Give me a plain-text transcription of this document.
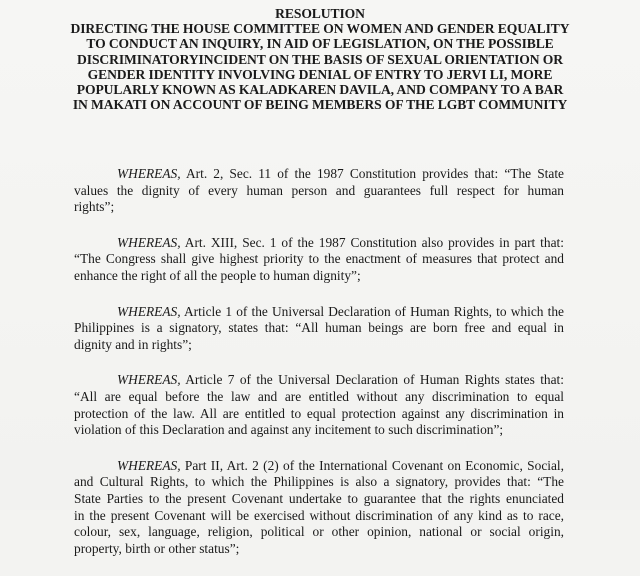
RESOLUTION
DIRECTING THE HOUSE COMMITTEE ON WOMEN AND GENDER EQUALITY
TO CONDUCT AN INQUIRY, IN AID OF LEGISLATION, ON THE POSSIBLE
DISCRIMINATORYINCIDENT ON THE BASIS OF SEXUAL ORIENTATION OR
GENDER IDENTITY INVOLVING DENIAL OF ENTRY TO JERVI LI, MORE
POPULARLY KNOWN AS KALADKAREN DAVILA, AND COMPANY TO A BAR
IN MAKATI ON ACCOUNT OF BEING MEMBERS OF THE LGBT COMMUNITY
WHEREAS, Art. 2, Sec. 11 of the 1987 Constitution provides that: “The State
values the dignity of every human person and guarantees full respect for human
rights”;
WHEREAS, Art. XIII, Sec. 1 of the 1987 Constitution also provides in part that:
“The Congress shall give highest priority to the enactment of measures that protect and
enhance the right of all the people to human dignity”;
WHEREAS, Article 1 of the Universal Declaration of Human Rights, to which the
Philippines is a signatory, states that: “All human beings are born free and equal in
dignity and in rights”;
WHEREAS, Article 7 of the Universal Declaration of Human Rights states that:
“All are equal before the law and are entitled without any discrimination to equal
protection of the law. All are entitled to equal protection against any discrimination in
violation of this Declaration and against any incitement to such discrimination”;
WHEREAS, Part II, Art. 2 (2) of the International Covenant on Economic, Social,
and Cultural Rights, to which the Philippines is also a signatory, provides that: “The
State Parties to the present Covenant undertake to guarantee that the rights enunciated
in the present Covenant will be exercised without discrimination of any kind as to race,
colour, sex, language, religion, political or other opinion, national or social origin,
property, birth or other status”;
